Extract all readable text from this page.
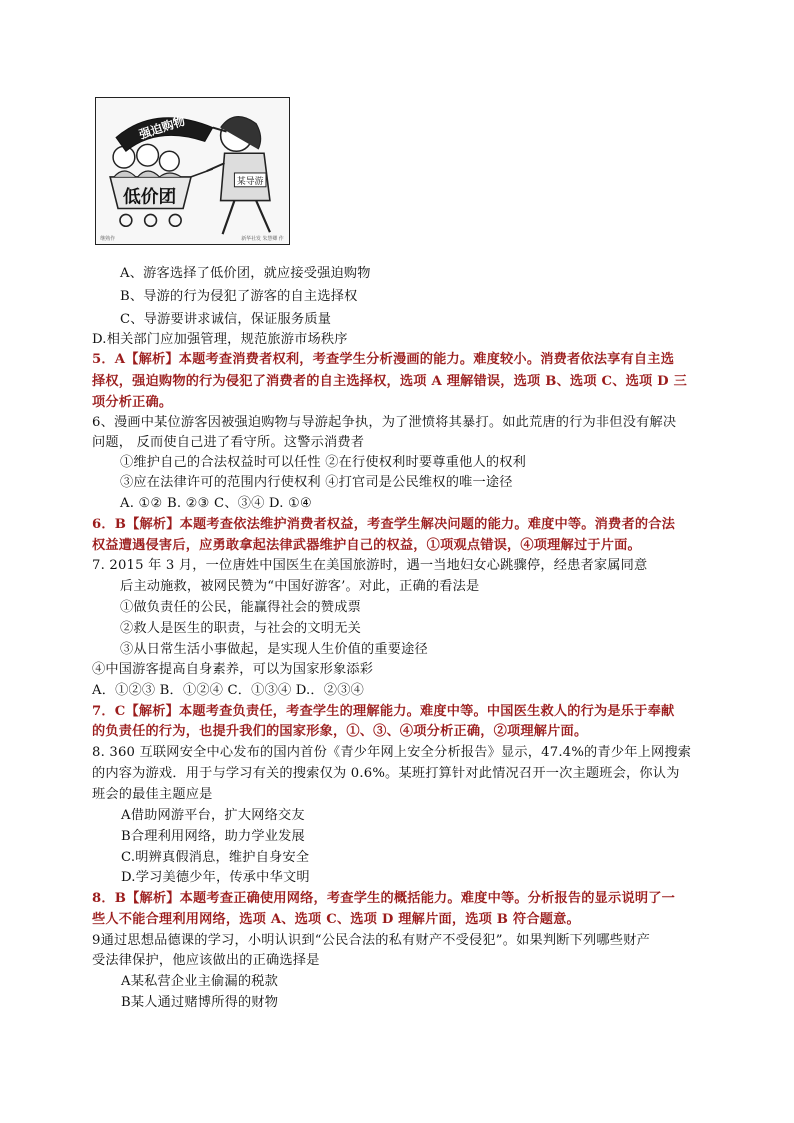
低价团
强迫购物
某导游
继熟作	新华社发 朱慧卿 作
A、游客选择了低价团，就应接受强迫购物
B、导游的行为侵犯了游客的自主选择权
C、导游要讲求诚信，保证服务质量
D.相关部门应加强管理，规范旅游市场秩序
5．A【解析】本题考查消费者权利，考查学生分析漫画的能力。难度较小。消费者依法享有自主选
择权，强迫购物的行为侵犯了消费者的自主选择权，选项 A 理解错误，选项 B、选项 C、选项 D 三
项分析正确。
6、漫画中某位游客因被强迫购物与导游起争执，为了泄愤将其暴打。如此荒唐的行为非但没有解决
问题， 反而使自己进了看守所。这警示消费者
①维护自己的合法权益时可以任性 ②在行使权利时要尊重他人的权利
③应在法律许可的范围内行使权利 ④打官司是公民维权的唯一途径
A. ①② B. ②③ C、③④ D. ①④
6．B【解析】本题考查依法维护消费者权益，考查学生解决问题的能力。难度中等。消费者的合法
权益遭遇侵害后，应勇敢拿起法律武器维护自己的权益，①项观点错误，④项理解过于片面。
7. 2015 年 3 月，一位唐姓中国医生在美国旅游时，遇一当地妇女心跳骤停，经患者家属同意
后主动施救，被网民赞为“中国好游客’。对此，正确的看法是
①做负责任的公民，能赢得社会的赞成票
②救人是医生的职责，与社会的文明无关
③从日常生活小事做起，是实现人生价值的重要途径
④中国游客提高自身素养，可以为国家形象添彩
A．①②③ B．①②④ C．①③④ D.．②③④
7．C【解析】本题考查负责任，考查学生的理解能力。难度中等。中国医生救人的行为是乐于奉献
的负责任的行为，也提升我们的国家形象，①、③、④项分析正确，②项理解片面。
8. 360 互联网安全中心发布的国内首份《青少年网上安全分析报告》显示，47.4%的青少年上网搜索
的内容为游戏．用于与学习有关的搜索仅为 0.6%。某班打算针对此情况召开一次主题班会，你认为
班会的最佳主题应是
A借助网游平台，扩大网络交友
B合理利用网络，助力学业发展
C.明辨真假消息，维护自身安全
D.学习美德少年，传承中华文明
8．B【解析】本题考查正确使用网络，考查学生的概括能力。难度中等。分析报告的显示说明了一
些人不能合理利用网络，选项 A、选项 C、选项 D 理解片面，选项 B 符合题意。
9通过思想品德课的学习，小明认识到“公民合法的私有财产不受侵犯”。如果判断下列哪些财产
受法律保护，他应该做出的正确选择是
A某私营企业主偷漏的税款
B某人通过赌博所得的财物
